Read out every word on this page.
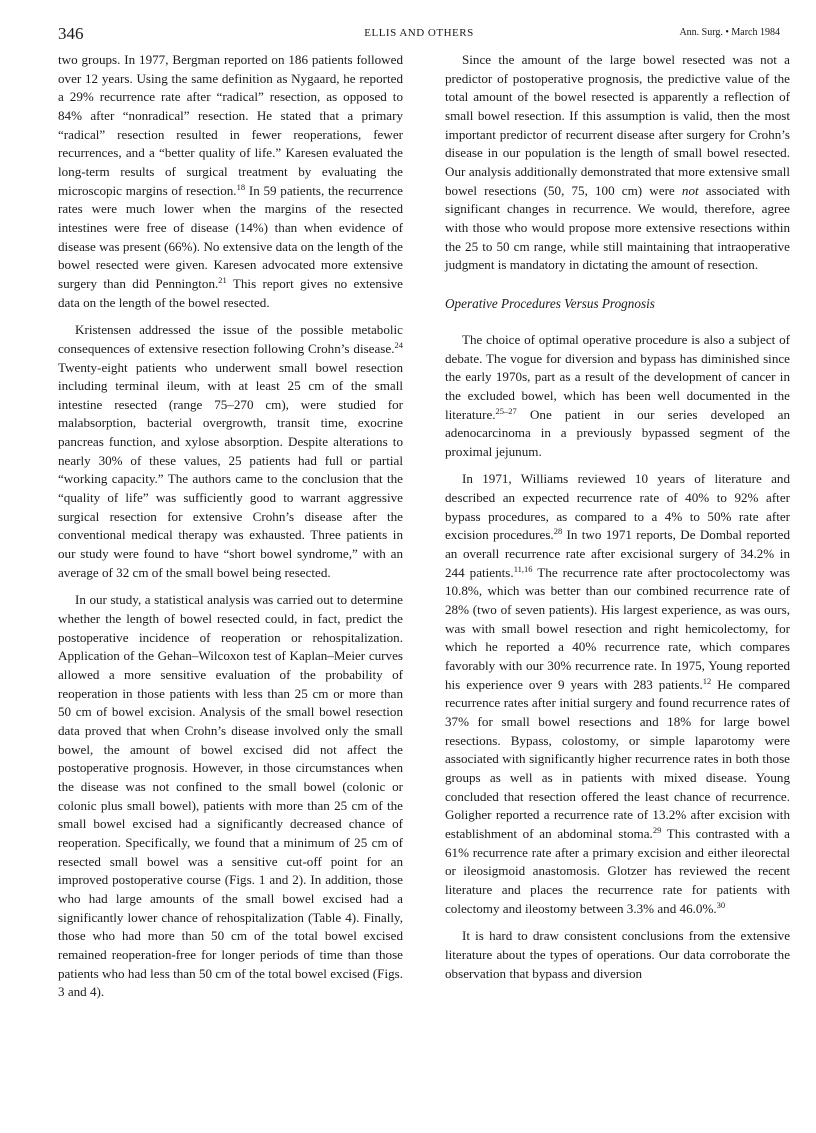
346	ELLIS AND OTHERS	Ann. Surg. • March 1984

two groups. In 1977, Bergman reported on 186 patients followed over 12 years. Using the same definition as Nygaard, he reported a 29% recurrence rate after “radical” resection, as opposed to 84% after “nonradical” resection. He stated that a primary “radical” resection resulted in fewer reoperations, fewer recurrences, and a “better quality of life.” Karesen evaluated the long-term results of surgical treatment by evaluating the microscopic margins of resection.$^{18}$ In 59 patients, the recurrence rates were much lower when the margins of the resected intestines were free of disease (14%) than when evidence of disease was present (66%). No extensive data on the length of the bowel resected were given. Karesen advocated more extensive surgery than did Pennington.$^{21}$ This report gives no extensive data on the length of the bowel resected.

Kristensen addressed the issue of the possible metabolic consequences of extensive resection following Crohn’s disease.$^{24}$ Twenty-eight patients who underwent small bowel resection including terminal ileum, with at least 25 cm of the small intestine resected (range 75–270 cm), were studied for malabsorption, bacterial overgrowth, transit time, exocrine pancreas function, and xylose absorption. Despite alterations to nearly 30% of these values, 25 patients had full or partial “working capacity.” The authors came to the conclusion that the “quality of life” was sufficiently good to warrant aggressive surgical resection for extensive Crohn’s disease after the conventional medical therapy was exhausted. Three patients in our study were found to have “short bowel syndrome,” with an average of 32 cm of the small bowel being resected.

In our study, a statistical analysis was carried out to determine whether the length of bowel resected could, in fact, predict the postoperative incidence of reoperation or rehospitalization. Application of the Gehan–Wilcoxon test of Kaplan–Meier curves allowed a more sensitive evaluation of the probability of reoperation in those patients with less than 25 cm or more than 50 cm of bowel excision. Analysis of the small bowel resection data proved that when Crohn’s disease involved only the small bowel, the amount of bowel excised did not affect the postoperative prognosis. However, in those circumstances when the disease was not confined to the small bowel (colonic or colonic plus small bowel), patients with more than 25 cm of the small bowel excised had a significantly decreased chance of reoperation. Specifically, we found that a minimum of 25 cm of resected small bowel was a sensitive cut-off point for an improved postoperative course (Figs. 1 and 2). In addition, those who had large amounts of the small bowel excised had a significantly lower chance of rehospitalization (Table 4). Finally, those who had more than 50 cm of the total bowel excised remained reoperation-free for longer periods of time than those patients who had less than 50 cm of the total bowel excised (Figs. 3 and 4).

Since the amount of the large bowel resected was not a predictor of postoperative prognosis, the predictive value of the total amount of the bowel resected is apparently a reflection of small bowel resection. If this assumption is valid, then the most important predictor of recurrent disease after surgery for Crohn’s disease in our population is the length of small bowel resected. Our analysis additionally demonstrated that more extensive small bowel resections (50, 75, 100 cm) were not associated with significant changes in recurrence. We would, therefore, agree with those who would propose more extensive resections within the 25 to 50 cm range, while still maintaining that intraoperative judgment is mandatory in dictating the amount of resection.

Operative Procedures Versus Prognosis

The choice of optimal operative procedure is also a subject of debate. The vogue for diversion and bypass has diminished since the early 1970s, part as a result of the development of cancer in the excluded bowel, which has been well documented in the literature.$^{25-27}$ One patient in our series developed an adenocarcinoma in a previously bypassed segment of the proximal jejunum.

In 1971, Williams reviewed 10 years of literature and described an expected recurrence rate of 40% to 92% after bypass procedures, as compared to a 4% to 50% rate after excision procedures.$^{28}$ In two 1971 reports, De Dombal reported an overall recurrence rate after excisional surgery of 34.2% in 244 patients.$^{11,16}$ The recurrence rate after proctocolectomy was 10.8%, which was better than our combined recurrence rate of 28% (two of seven patients). His largest experience, as was ours, was with small bowel resection and right hemicolectomy, for which he reported a 40% recurrence rate, which compares favorably with our 30% recurrence rate. In 1975, Young reported his experience over 9 years with 283 patients.$^{12}$ He compared recurrence rates after initial surgery and found recurrence rates of 37% for small bowel resections and 18% for large bowel resections. Bypass, colostomy, or simple laparotomy were associated with significantly higher recurrence rates in both those groups as well as in patients with mixed disease. Young concluded that resection offered the least chance of recurrence. Goligher reported a recurrence rate of 13.2% after excision with establishment of an abdominal stoma.$^{29}$ This contrasted with a 61% recurrence rate after a primary excision and either ileorectal or ileosigmoid anastomosis. Glotzer has reviewed the recent literature and places the recurrence rate for patients with colectomy and ileostomy between 3.3% and 46.0%.$^{30}$

It is hard to draw consistent conclusions from the extensive literature about the types of operations. Our data corroborate the observation that bypass and diversion
